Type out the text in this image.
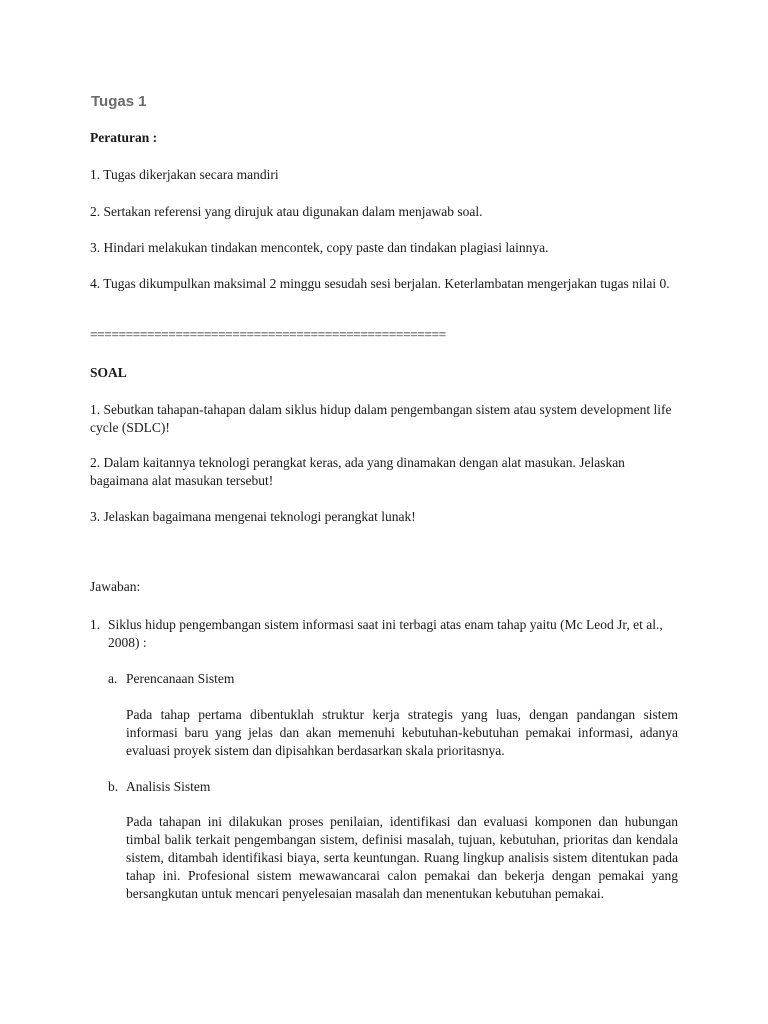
Tugas 1
Peraturan :
1. Tugas dikerjakan secara mandiri
2. Sertakan referensi yang dirujuk atau digunakan dalam menjawab soal.
3. Hindari melakukan tindakan mencontek, copy paste dan tindakan plagiasi lainnya.
4. Tugas dikumpulkan maksimal 2 minggu sesudah sesi berjalan. Keterlambatan mengerjakan tugas nilai 0.
==================================================
SOAL
1. Sebutkan tahapan-tahapan dalam siklus hidup dalam pengembangan sistem atau system development life cycle (SDLC)!
2. Dalam kaitannya teknologi perangkat keras, ada yang dinamakan dengan alat masukan. Jelaskan bagaimana alat masukan tersebut!
3. Jelaskan bagaimana mengenai teknologi perangkat lunak!
Jawaban:
1. Siklus hidup pengembangan sistem informasi saat ini terbagi atas enam tahap yaitu (Mc Leod Jr, et al., 2008) :
a. Perencanaan Sistem
Pada tahap pertama dibentuklah struktur kerja strategis yang luas, dengan pandangan sistem informasi baru yang jelas dan akan memenuhi kebutuhan-kebutuhan pemakai informasi, adanya evaluasi proyek sistem dan dipisahkan berdasarkan skala prioritasnya.
b. Analisis Sistem
Pada tahapan ini dilakukan proses penilaian, identifikasi dan evaluasi komponen dan hubungan timbal balik terkait pengembangan sistem, definisi masalah, tujuan, kebutuhan, prioritas dan kendala sistem, ditambah identifikasi biaya, serta keuntungan. Ruang lingkup analisis sistem ditentukan pada tahap ini. Profesional sistem mewawancarai calon pemakai dan bekerja dengan pemakai yang bersangkutan untuk mencari penyelesaian masalah dan menentukan kebutuhan pemakai.
